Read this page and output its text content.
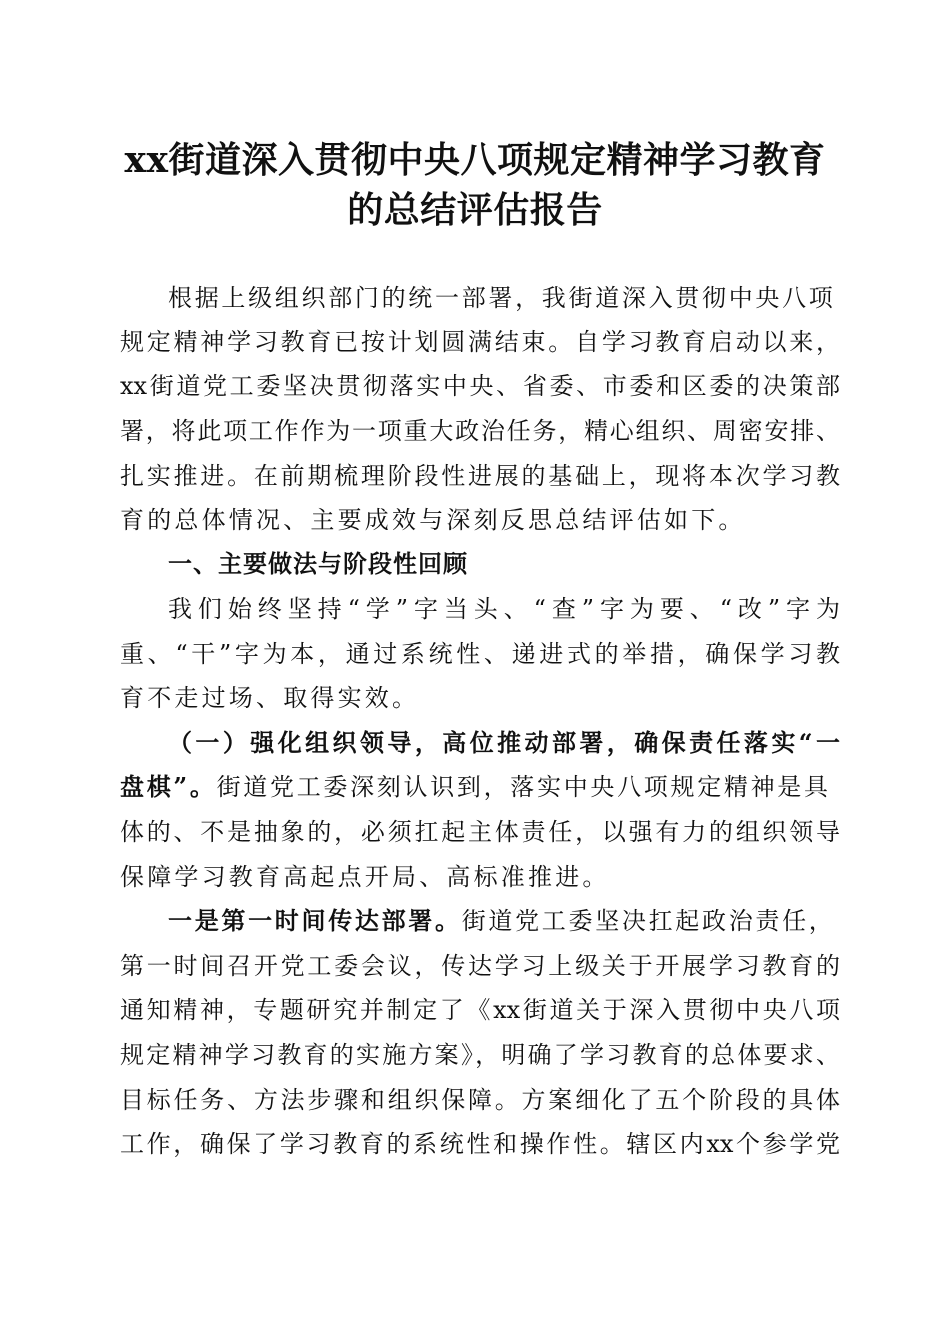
xx街道深入贯彻中央八项规定精神学习教育
的总结评估报告
根据上级组织部门的统一部署，我街道深入贯彻中央八项
规定精神学习教育已按计划圆满结束。自学习教育启动以来，
xx街道党工委坚决贯彻落实中央、省委、市委和区委的决策部
署，将此项工作作为一项重大政治任务，精心组织、周密安排、
扎实推进。在前期梳理阶段性进展的基础上，现将本次学习教
育的总体情况、主要成效与深刻反思总结评估如下。
一、主要做法与阶段性回顾
我们始终坚持“学”字当头、“查”字为要、“改”字为
重、“干”字为本，通过系统性、递进式的举措，确保学习教
育不走过场、取得实效。
（一）强化组织领导，高位推动部署，确保责任落实“一
盘棋”。街道党工委深刻认识到，落实中央八项规定精神是具
体的、不是抽象的，必须扛起主体责任，以强有力的组织领导
保障学习教育高起点开局、高标准推进。
一是第一时间传达部署。街道党工委坚决扛起政治责任，
第一时间召开党工委会议，传达学习上级关于开展学习教育的
通知精神，专题研究并制定了《xx街道关于深入贯彻中央八项
规定精神学习教育的实施方案》，明确了学习教育的总体要求、
目标任务、方法步骤和组织保障。方案细化了五个阶段的具体
工作，确保了学习教育的系统性和操作性。辖区内xx个参学党
